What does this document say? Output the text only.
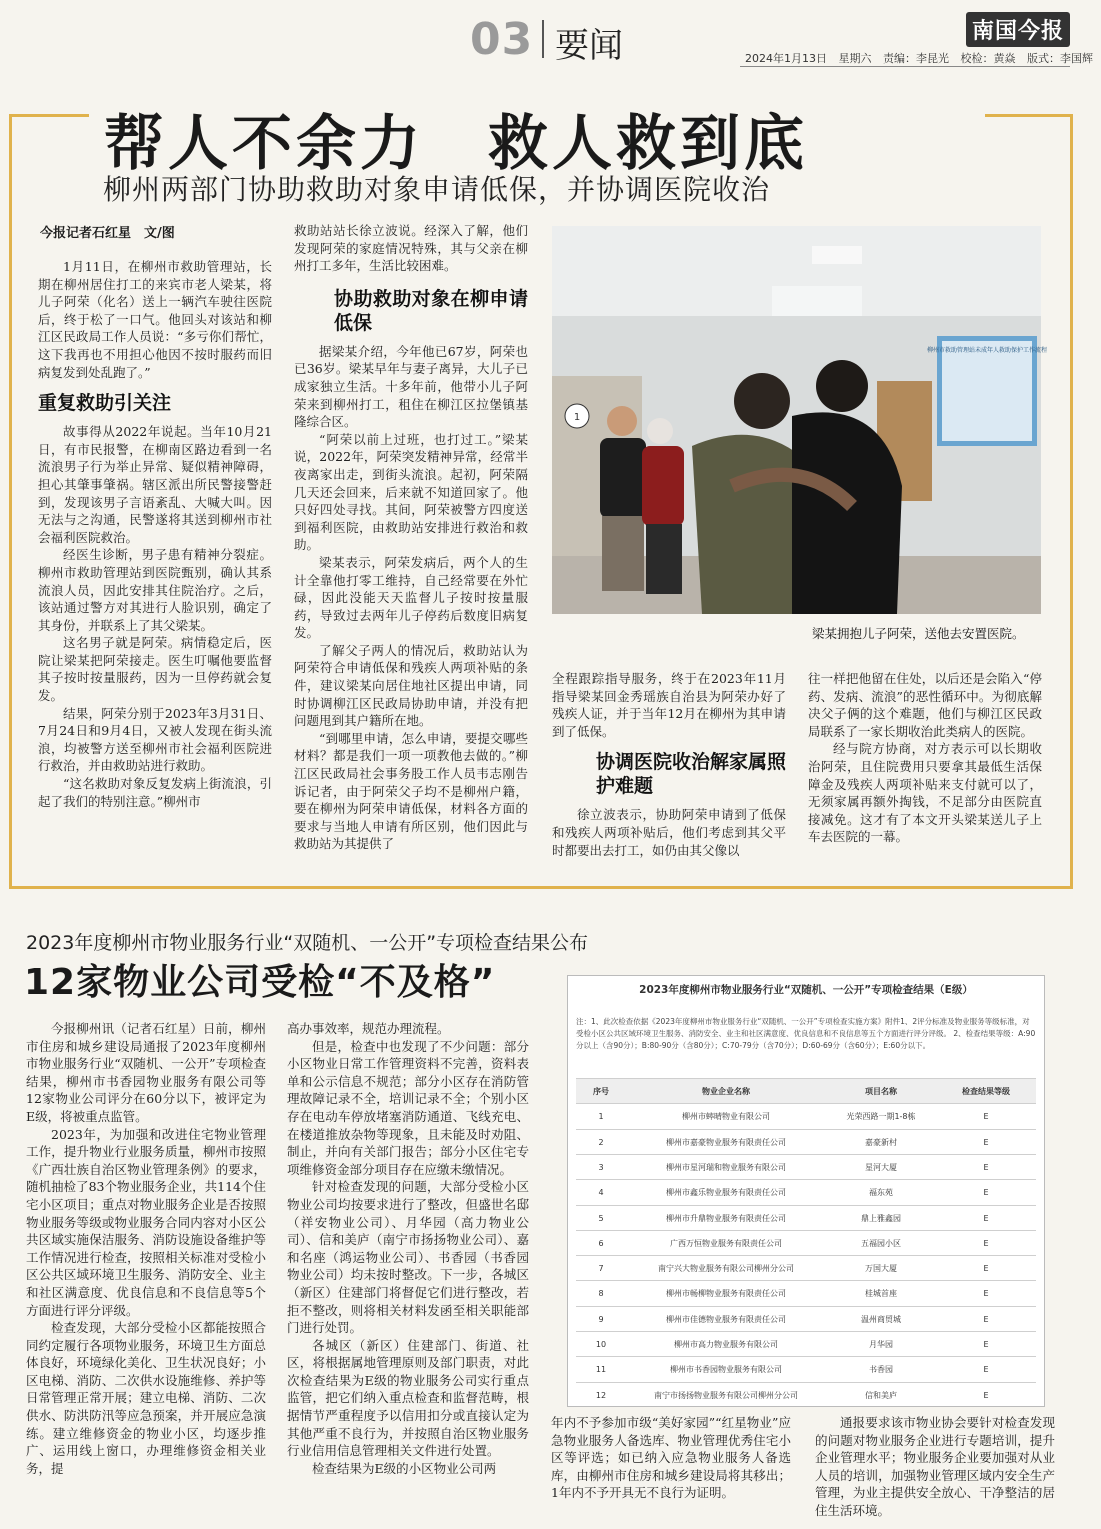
03 要闻	南国今报
2024年1月13日 星期六 责编：李昆光 校检：黄焱 版式：李国辉
帮人不余力　救人救到底
柳州两部门协助救助对象申请低保，并协调医院收治
今报记者石红星　文/图

1月11日，在柳州市救助管理站，长期在柳州居住打工的来宾市老人梁某，将儿子阿荣（化名）送上一辆汽车驶往医院后，终于松了一口气。他回头对该站和柳江区民政局工作人员说：“多亏你们帮忙，这下我再也不用担心他因不按时服药而旧病复发到处乱跑了。”

重复救助引关注

故事得从2022年说起。当年10月21日，有市民报警，在柳南区路边看到一名流浪男子行为举止异常、疑似精神障碍，担心其肇事肇祸。辖区派出所民警接警赶到，发现该男子言语紊乱、大喊大叫。因无法与之沟通，民警遂将其送到柳州市社会福利医院救治。

经医生诊断，男子患有精神分裂症。柳州市救助管理站到医院甄别，确认其系流浪人员，因此安排其住院治疗。之后，该站通过警方对其进行人脸识别，确定了其身份，并联系上了其父梁某。

这名男子就是阿荣。病情稳定后，医院让梁某把阿荣接走。医生叮嘱他要监督其子按时按量服药，因为一旦停药就会复发。

结果，阿荣分别于2023年3月31日、7月24日和9月4日，又被人发现在街头流浪，均被警方送至柳州市社会福利医院进行救治，并由救助站进行救助。

“这名救助对象反复发病上街流浪，引起了我们的特别注意。”柳州市

救助站站长徐立波说。经深入了解，他们发现阿荣的家庭情况特殊，其与父亲在柳州打工多年，生活比较困难。

协助救助对象在柳申请低保

据梁某介绍，今年他已67岁，阿荣也已36岁。梁某早年与妻子离异，大儿子已成家独立生活。十多年前，他带小儿子阿荣来到柳州打工，租住在柳江区拉堡镇基隆综合区。

“阿荣以前上过班，也打过工。”梁某说，2022年，阿荣突发精神异常，经常半夜离家出走，到街头流浪。起初，阿荣隔几天还会回来，后来就不知道回家了。他只好四处寻找。其间，阿荣被警方四度送到福利医院，由救助站安排进行救治和救助。

梁某表示，阿荣发病后，两个人的生计全靠他打零工维持，自己经常要在外忙碌，因此没能天天监督儿子按时按量服药，导致过去两年儿子停药后数度旧病复发。

了解父子两人的情况后，救助站认为阿荣符合申请低保和残疾人两项补贴的条件，建议梁某向居住地社区提出申请，同时协调柳江区民政局协助申请，并没有把问题甩到其户籍所在地。

“到哪里申请，怎么申请，要提交哪些材料？都是我们一项一项教他去做的。”柳江区民政局社会事务股工作人员韦志刚告诉记者，由于阿荣父子均不是柳州户籍，要在柳州为阿荣申请低保，材料各方面的要求与当地人申请有所区别，他们因此与救助站为其提供了

柳州市救助管理站未成年人救助保护工作流程
1
梁某拥抱儿子阿荣，送他去安置医院。

全程跟踪指导服务，终于在2023年11月指导梁某回金秀瑶族自治县为阿荣办好了残疾人证，并于当年12月在柳州为其申请到了低保。

协调医院收治解家属照护难题

徐立波表示，协助阿荣申请到了低保和残疾人两项补贴后，他们考虑到其父平时都要出去打工，如仍由其父像以

往一样把他留在住处，以后还是会陷入“停药、发病、流浪”的恶性循环中。为彻底解决父子俩的这个难题，他们与柳江区民政局联系了一家长期收治此类病人的医院。

经与院方协商，对方表示可以长期收治阿荣，且住院费用只要拿其最低生活保障金及残疾人两项补贴来支付就可以了，无须家属再额外掏钱，不足部分由医院直接减免。这才有了本文开头梁某送儿子上车去医院的一幕。

2023年度柳州市物业服务行业“双随机、一公开”专项检查结果公布
12家物业公司受检“不及格”

今报柳州讯（记者石红星）日前，柳州市住房和城乡建设局通报了2023年度柳州市物业服务行业“双随机、一公开”专项检查结果，柳州市书香园物业服务有限公司等12家物业公司评分在60分以下，被评定为E级，将被重点监管。

2023年，为加强和改进住宅物业管理工作，提升物业行业服务质量，柳州市按照《广西壮族自治区物业管理条例》的要求，随机抽检了83个物业服务企业，共114个住宅小区项目；重点对物业服务企业是否按照物业服务等级或物业服务合同内容对小区公共区域实施保洁服务、消防设施设备维护等工作情况进行检查，按照相关标准对受检小区公共区域环境卫生服务、消防安全、业主和社区满意度、优良信息和不良信息等5个方面进行评分评级。

检查发现，大部分受检小区都能按照合同约定履行各项物业服务，环境卫生方面总体良好，环境绿化美化、卫生状况良好；小区电梯、消防、二次供水设施维修、养护等日常管理正常开展；建立电梯、消防、二次供水、防洪防汛等应急预案，并开展应急演练。建立维修资金的物业小区，均逐步推广、运用线上窗口，办理维修资金相关业务，提

高办事效率，规范办理流程。

但是，检查中也发现了不少问题：部分小区物业日常工作管理资料不完善，资料表单和公示信息不规范；部分小区存在消防管理故障记录不全，培训记录不全；个别小区存在电动车停放堵塞消防通道、飞线充电、在楼道推放杂物等现象，且未能及时劝阻、制止，并向有关部门报告；部分小区住宅专项维修资金部分项目存在应缴未缴情况。

针对检查发现的问题，大部分受检小区物业公司均按要求进行了整改，但盛世名邸（祥安物业公司）、月华园（高力物业公司）、信和美庐（南宁市扬扬物业公司）、嘉和名座（鸿运物业公司）、书香园（书香园物业公司）均未按时整改。下一步，各城区（新区）住建部门将督促它们进行整改，若拒不整改，则将相关材料发函至相关职能部门进行处罚。

各城区（新区）住建部门、街道、社区，将根据属地管理原则及部门职责，对此次检查结果为E级的物业服务公司实行重点监管，把它们纳入重点检查和监督范畴，根据情节严重程度予以信用扣分或直接认定为其他严重不良行为，并按照自治区物业服务行业信用信息管理相关文件进行处置。

检查结果为E级的小区物业公司两

2023年度柳州市物业服务行业“双随机、一公开”专项检查结果（E级）
注：1、此次检查依据《2023年度柳州市物业服务行业“双随机、一公开”专项检查实施方案》附件1、2评分标准及物业服务等级标准，对受检小区公共区域环境卫生服务、消防安全、业主和社区满意度、优良信息和不良信息等五个方面进行评分评级。 2、检查结果等级：A:90分以上（含90分）；B:80-90分（含80分）；C:70-79分（含70分）；D:60-69分（含60分）；E:60分以下。
序号	物业企业名称	项目名称	检查结果等级
1	柳州市蟀晴物业有限公司	光荣西路一期1-8栋	E
2	柳州市嘉豪物业服务有限责任公司	嘉豪新村	E
3	柳州市星河瑞和物业服务有限公司	星河大厦	E
4	柳州市鑫乐物业服务有限责任公司	福东苑	E
5	柳州市升鼎物业服务有限责任公司	鼎上雅鑫园	E
6	广西万恒物业服务有限责任公司	五福园小区	E
7	南宁兴大物业服务有限公司柳州分公司	万国大厦	E
8	柳州市畅柳物业服务有限责任公司	桂城首座	E
9	柳州市佳德物业服务有限责任公司	温州商贸城	E
10	柳州市高力物业服务有限公司	月华园	E
11	柳州市书香园物业服务有限公司	书香园	E
12	南宁市扬扬物业服务有限公司柳州分公司	信和美庐	E

年内不予参加市级“美好家园”“红星物业”应急物业服务人备选库、物业管理优秀住宅小区等评选；如已纳入应急物业服务人备选库，由柳州市住房和城乡建设局将其移出；1年内不予开具无不良行为证明。

通报要求该市物业协会要针对检查发现的问题对物业服务企业进行专题培训，提升企业管理水平；物业服务企业要加强对从业人员的培训，加强物业管理区域内安全生产管理，为业主提供安全放心、干净整洁的居住生活环境。
